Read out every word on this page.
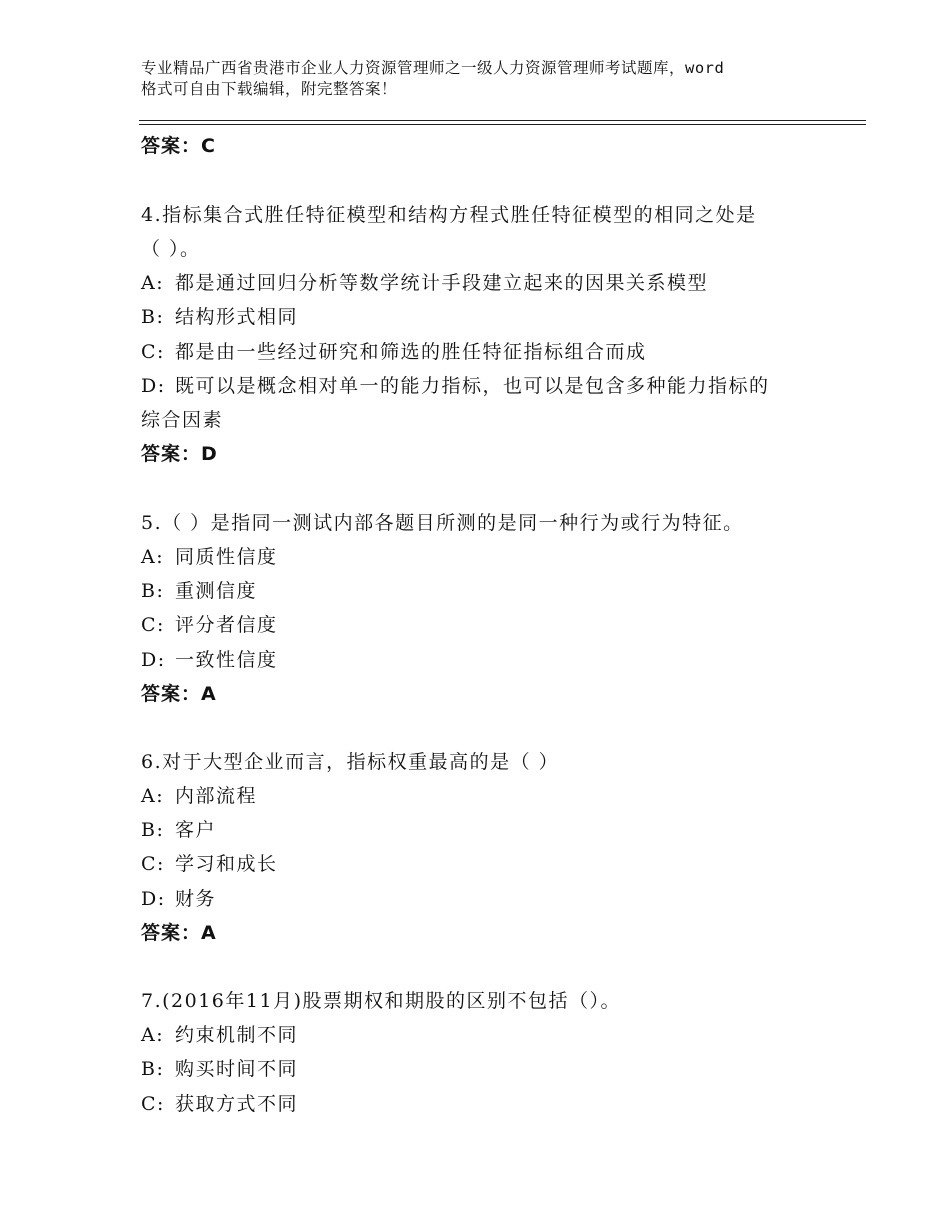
专业精品广西省贵港市企业人力资源管理师之一级人力资源管理师考试题库，word
格式可自由下载编辑，附完整答案！
答案：C
4.指标集合式胜任特征模型和结构方程式胜任特征模型的相同之处是
（ ）。
A: 都是通过回归分析等数学统计手段建立起来的因果关系模型
B: 结构形式相同
C: 都是由一些经过研究和筛选的胜任特征指标组合而成
D: 既可以是概念相对单一的能力指标，也可以是包含多种能力指标的
综合因素
答案：D
5.（ ）是指同一测试内部各题目所测的是同一种行为或行为特征。
A: 同质性信度
B: 重测信度
C: 评分者信度
D: 一致性信度
答案：A
6.对于大型企业而言，指标权重最高的是（ ）
A: 内部流程
B: 客户
C: 学习和成长
D: 财务
答案：A
7.(2016年11月)股票期权和期股的区别不包括（）。
A: 约束机制不同
B: 购买时间不同
C: 获取方式不同
